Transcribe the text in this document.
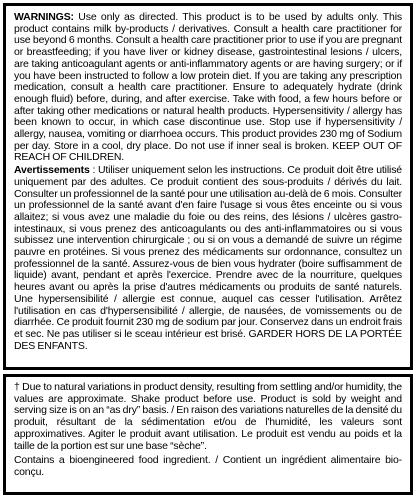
WARNINGS: Use only as directed. This product is to be used by adults only. This product contains milk by-products / derivatives. Consult a health care practitioner for use beyond 6 months. Consult a health care practitioner prior to use if you are pregnant or breastfeeding; if you have liver or kidney disease, gastrointestinal lesions / ulcers, are taking anticoagulant agents or anti-inflammatory agents or are having surgery; or if you have been instructed to follow a low protein diet. If you are taking any prescription medication, consult a health care practitioner. Ensure to adequately hydrate (drink enough fluid) before, during, and after exercise. Take with food, a few hours before or after taking other medications or natural health products. Hypersensitivity / allergy has been known to occur, in which case discontinue use. Stop use if hypersensitivity / allergy, nausea, vomiting or diarrhoea occurs. This product provides 230 mg of Sodium per day. Store in a cool, dry place. Do not use if inner seal is broken. KEEP OUT OF REACH OF CHILDREN.

Avertissements : Utiliser uniquement selon les instructions. Ce produit doit être utilisé uniquement par des adultes. Ce produit contient des sous-produits / dérivés du lait. Consulter un professionnel de la santé pour une utilisation au-delà de 6 mois. Consulter un professionnel de la santé avant d'en faire l'usage si vous êtes enceinte ou si vous allaitez; si vous avez une maladie du foie ou des reins, des lésions / ulcères gastro-intestinaux, si vous prenez des anticoagulants ou des anti-inflammatoires ou si vous subissez une intervention chirurgicale ; ou si on vous a demandé de suivre un régime pauvre en protéines. Si vous prenez des médicaments sur ordonnance, consultez un professionnel de la santé. Assurez-vous de bien vous hydrater (boire suffisamment de liquide) avant, pendant et après l'exercice. Prendre avec de la nourriture, quelques heures avant ou après la prise d'autres médicaments ou produits de santé naturels. Une hypersensibilité / allergie est connue, auquel cas cesser l'utilisation. Arrêtez l'utilisation en cas d'hypersensibilité / allergie, de nausées, de vomissements ou de diarrhée. Ce produit fournit 230 mg de sodium par jour. Conservez dans un endroit frais et sec. Ne pas utiliser si le sceau intérieur est brisé. GARDER HORS DE LA PORTÉE DES ENFANTS.

† Due to natural variations in product density, resulting from settling and/or humidity, the values are approximate. Shake product before use. Product is sold by weight and serving size is on an “as dry” basis. / En raison des variations naturelles de la densité du produit, résultant de la sédimentation et/ou de l'humidité, les valeurs sont approximatives. Agiter le produit avant utilisation. Le produit est vendu au poids et la taille de la portion est sur une base “sèche”.

Contains a bioengineered food ingredient. / Contient un ingrédient alimentaire bio-conçu.
